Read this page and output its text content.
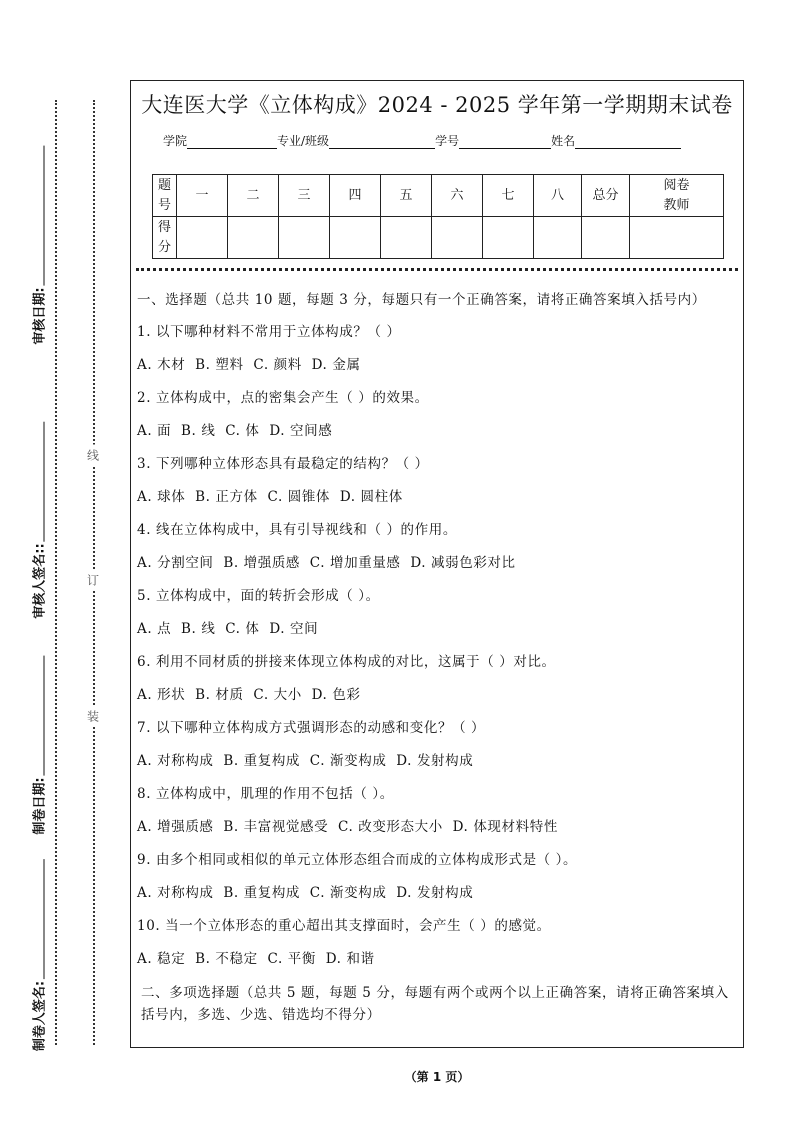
制卷人签名:
制卷日期:
审核人签名::
审核日期:
装
订
线
大连医大学《立体构成》2024 - 2025 学年第一学期期末试卷
学院	专业/班级	学号	姓名
题号	一	二	三	四	五	六	七	八	总分	阅卷教师
得分										
一、选择题（总共 10 题，每题 3 分，每题只有一个正确答案，请将正确答案填入括号内）
1. 以下哪种材料不常用于立体构成？（ ）
A. 木材  B. 塑料  C. 颜料  D. 金属
2. 立体构成中，点的密集会产生（ ）的效果。
A. 面  B. 线  C. 体  D. 空间感
3. 下列哪种立体形态具有最稳定的结构？（ ）
A. 球体  B. 正方体  C. 圆锥体  D. 圆柱体
4. 线在立体构成中，具有引导视线和（ ）的作用。
A. 分割空间  B. 增强质感  C. 增加重量感  D. 减弱色彩对比
5. 立体构成中，面的转折会形成（ ）。
A. 点  B. 线  C. 体  D. 空间
6. 利用不同材质的拼接来体现立体构成的对比，这属于（ ）对比。
A. 形状  B. 材质  C. 大小  D. 色彩
7. 以下哪种立体构成方式强调形态的动感和变化？（ ）
A. 对称构成  B. 重复构成  C. 渐变构成  D. 发射构成
8. 立体构成中，肌理的作用不包括（ ）。
A. 增强质感  B. 丰富视觉感受  C. 改变形态大小  D. 体现材料特性
9. 由多个相同或相似的单元立体形态组合而成的立体构成形式是（ ）。
A. 对称构成  B. 重复构成  C. 渐变构成  D. 发射构成
10. 当一个立体形态的重心超出其支撑面时，会产生（ ）的感觉。
A. 稳定  B. 不稳定  C. 平衡  D. 和谐
二、多项选择题（总共 5 题，每题 5 分，每题有两个或两个以上正确答案，请将正确答案填入括号内，多选、少选、错选均不得分）
（第 1 页）
